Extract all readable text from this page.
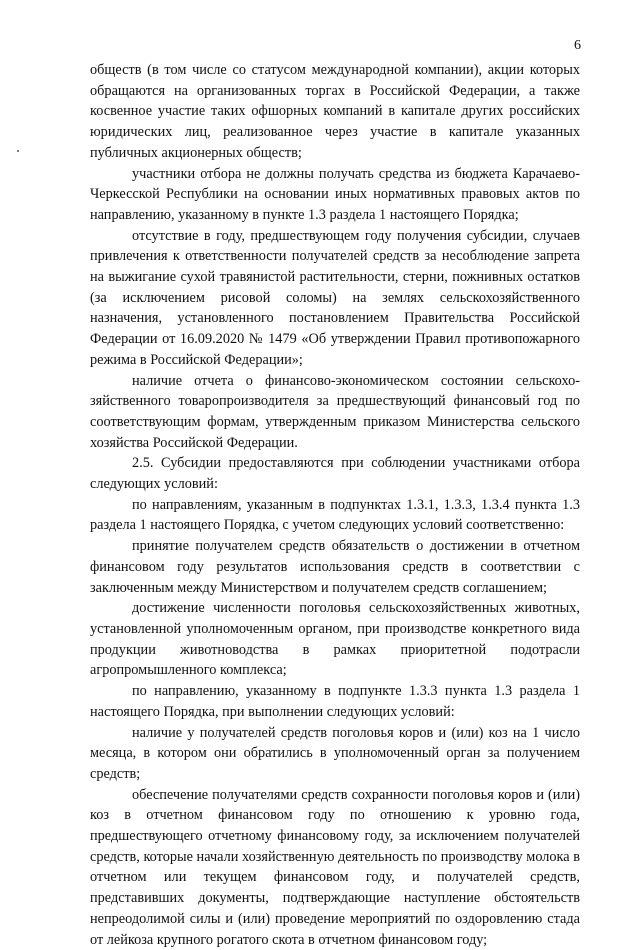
6

обществ (в том числе со статусом международной компании), акции которых обращаются на организованных торгах в Российской Федерации, а также косвенное участие таких офшорных компаний в капитале других российских юридических лиц, реализованное через участие в капитале указанных публичных акционерных обществ;

участники отбора не должны получать средства из бюджета Карачаево-Черкесской Республики на основании иных нормативных правовых актов по направлению, указанному в пункте 1.3 раздела 1 настоящего Порядка;

отсутствие в году, предшествующем году получения субсидии, случаев привлечения к ответственности получателей средств за несоблюдение запрета на выжигание сухой травянистой растительности, стерни, пожнивных остатков (за исключением рисовой соломы) на землях сельскохозяйственного назначения, установленного постановлением Правительства Российской Федерации от 16.09.2020 № 1479 «Об утверждении Правил противопожарного режима в Российской Федерации»;

наличие отчета о финансово-экономическом состоянии сельскохозяйственного товаропроизводителя за предшествующий финансовый год по соответствующим формам, утвержденным приказом Министерства сельского хозяйства Российской Федерации.

2.5. Субсидии предоставляются при соблюдении участниками отбора следующих условий:

по направлениям, указанным в подпунктах 1.3.1, 1.3.3, 1.3.4 пункта 1.3 раздела 1 настоящего Порядка, с учетом следующих условий соответственно:

принятие получателем средств обязательств о достижении в отчетном финансовом году результатов использования средств в соответствии с заключенным между Министерством и получателем средств соглашением;

достижение численности поголовья сельскохозяйственных животных, установленной уполномоченным органом, при производстве конкретного вида продукции животноводства в рамках приоритетной подотрасли агропромышленного комплекса;

по направлению, указанному в подпункте 1.3.3 пункта 1.3 раздела 1 настоящего Порядка, при выполнении следующих условий:

наличие у получателей средств поголовья коров и (или) коз на 1 число месяца, в котором они обратились в уполномоченный орган за получением средств;

обеспечение получателями средств сохранности поголовья коров и (или) коз в отчетном финансовом году по отношению к уровню года, предшествующего отчетному финансовому году, за исключением получателей средств, которые начали хозяйственную деятельность по производству молока в отчетном или текущем финансовом году, и получателей средств, представивших документы, подтверждающие наступление обстоятельств непреодолимой силы и (или) проведение мероприятий по оздоровлению стада от лейкоза крупного рогатого скота в отчетном финансовом году;
